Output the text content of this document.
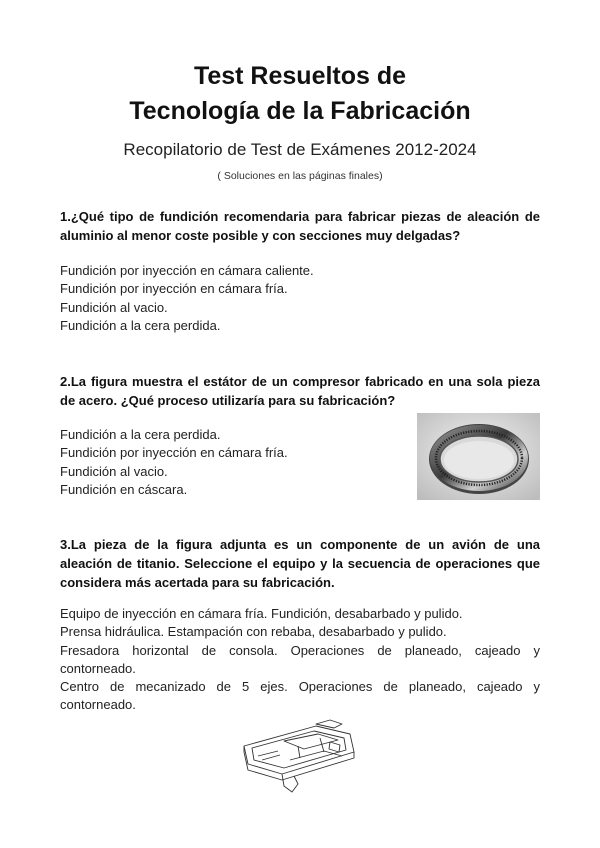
Test Resueltos de
Tecnología de la Fabricación
Recopilatorio de Test de Exámenes 2012-2024
( Soluciones en las páginas finales)
1.¿Qué tipo de fundición recomendaria para fabricar piezas de aleación de aluminio al menor coste posible y con secciones muy delgadas?
Fundición por inyección en cámara caliente.
Fundición por inyección en cámara fría.
Fundición al vacio.
Fundición a la cera perdida.
2.La figura muestra el estátor de un compresor fabricado en una sola pieza de acero. ¿Qué proceso utilizaría para su fabricación?
Fundición a la cera perdida.
Fundición por inyección en cámara fría.
Fundición al vacio.
Fundición en cáscara.
3.La pieza de la figura adjunta es un componente de un avión de una aleación de titanio. Seleccione el equipo y la secuencia de operaciones que considera más acertada para su fabricación.
Equipo de inyección en cámara fría. Fundición, desabarbado y pulido.
Prensa hidráulica. Estampación con rebaba, desabarbado y pulido.
Fresadora horizontal de consola. Operaciones de planeado, cajeado y contorneado.
Centro de mecanizado de 5 ejes. Operaciones de planeado, cajeado y contorneado.
